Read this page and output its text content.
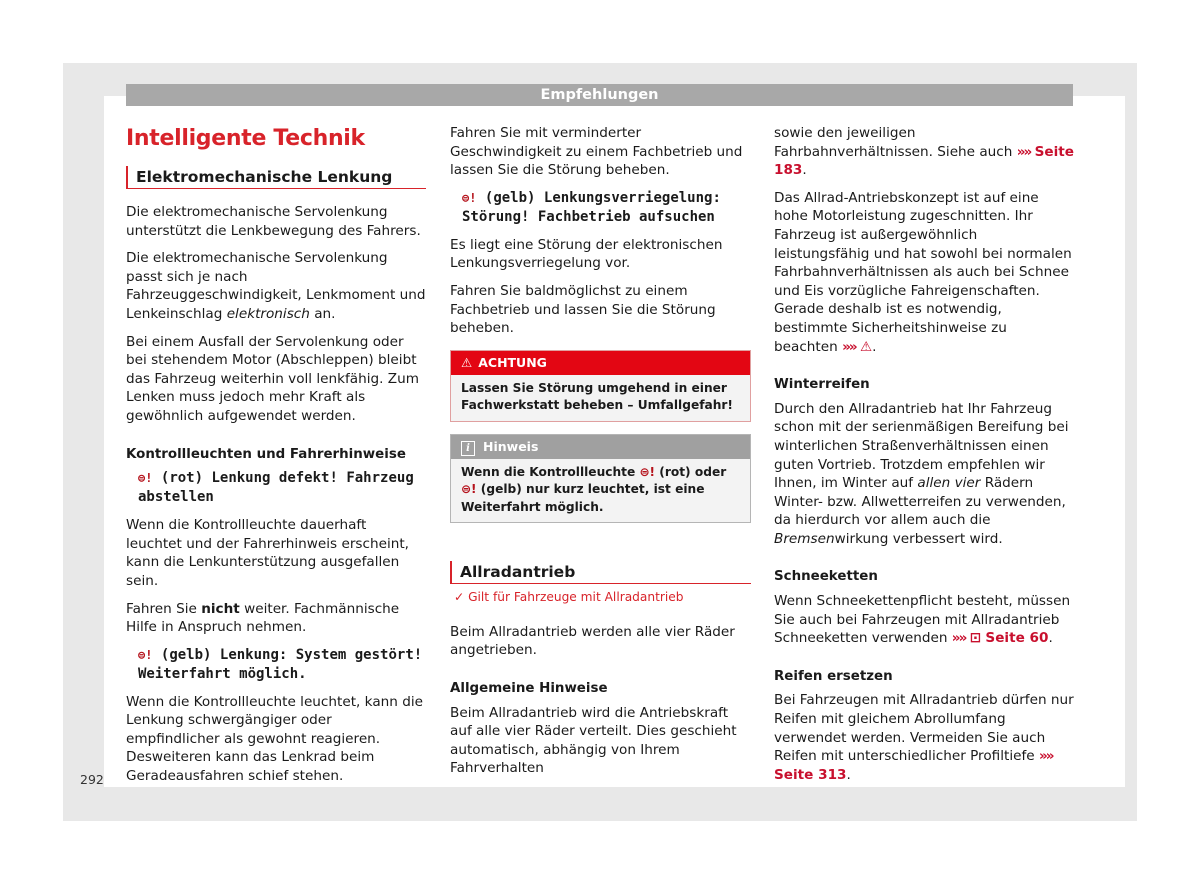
Empfehlungen
Intelligente Technik
Elektromechanische Lenkung

Die elektromechanische Servolenkung unterstützt die Lenkbewegung des Fahrers.

Die elektromechanische Servolenkung passt sich je nach Fahrzeuggeschwindigkeit, Lenkmoment und Lenkeinschlag elektronisch an.

Bei einem Ausfall der Servolenkung oder bei stehendem Motor (Abschleppen) bleibt das Fahrzeug weiterhin voll lenkfähig. Zum Lenken muss jedoch mehr Kraft als gewöhnlich aufgewendet werden.

Kontrollleuchten und Fahrerhinweise
⊜! (rot) Lenkung defekt! Fahrzeug abstellen

Wenn die Kontrollleuchte dauerhaft leuchtet und der Fahrerhinweis erscheint, kann die Lenkunterstützung ausgefallen sein.

Fahren Sie nicht weiter. Fachmännische Hilfe in Anspruch nehmen.

⊜! (gelb) Lenkung: System gestört! Weiterfahrt möglich.

Wenn die Kontrollleuchte leuchtet, kann die Lenkung schwergängiger oder empfindlicher als gewohnt reagieren. Desweiteren kann das Lenkrad beim Geradeausfahren schief stehen.

Fahren Sie mit verminderter Geschwindigkeit zu einem Fachbetrieb und lassen Sie die Störung beheben.

⊜! (gelb) Lenkungsverriegelung: Störung! Fachbetrieb aufsuchen

Es liegt eine Störung der elektronischen Lenkungsverriegelung vor.

Fahren Sie baldmöglichst zu einem Fachbetrieb und lassen Sie die Störung beheben.

⚠ ACHTUNG
Lassen Sie Störung umgehend in einer Fachwerkstatt beheben – Umfallgefahr!
i Hinweis
Wenn die Kontrollleuchte ⊜! (rot) oder ⊜! (gelb) nur kurz leuchtet, ist eine Weiterfahrt möglich.
Allradantrieb
✓ Gilt für Fahrzeuge mit Allradantrieb

Beim Allradantrieb werden alle vier Räder angetrieben.

Allgemeine Hinweise

Beim Allradantrieb wird die Antriebskraft auf alle vier Räder verteilt. Dies geschieht automatisch, abhängig von Ihrem Fahrverhalten

sowie den jeweiligen Fahrbahnverhältnissen. Siehe auch »» Seite 183.

Das Allrad-Antriebskonzept ist auf eine hohe Motorleistung zugeschnitten. Ihr Fahrzeug ist außergewöhnlich leistungsfähig und hat sowohl bei normalen Fahrbahnverhältnissen als auch bei Schnee und Eis vorzügliche Fahreigenschaften. Gerade deshalb ist es notwendig, bestimmte Sicherheitshinweise zu beachten »» ⚠.

Winterreifen

Durch den Allradantrieb hat Ihr Fahrzeug schon mit der serienmäßigen Bereifung bei winterlichen Straßenverhältnissen einen guten Vortrieb. Trotzdem empfehlen wir Ihnen, im Winter auf allen vier Rädern Winter- bzw. Allwetterreifen zu verwenden, da hierdurch vor allem auch die Bremsenwirkung verbessert wird.

Schneeketten

Wenn Schneekettenpflicht besteht, müssen Sie auch bei Fahrzeugen mit Allradantrieb Schneeketten verwenden »» ⊡ Seite 60.

Reifen ersetzen

Bei Fahrzeugen mit Allradantrieb dürfen nur Reifen mit gleichem Abrollumfang verwendet werden. Vermeiden Sie auch Reifen mit unterschiedlicher Profiltiefe »» Seite 313.

292
